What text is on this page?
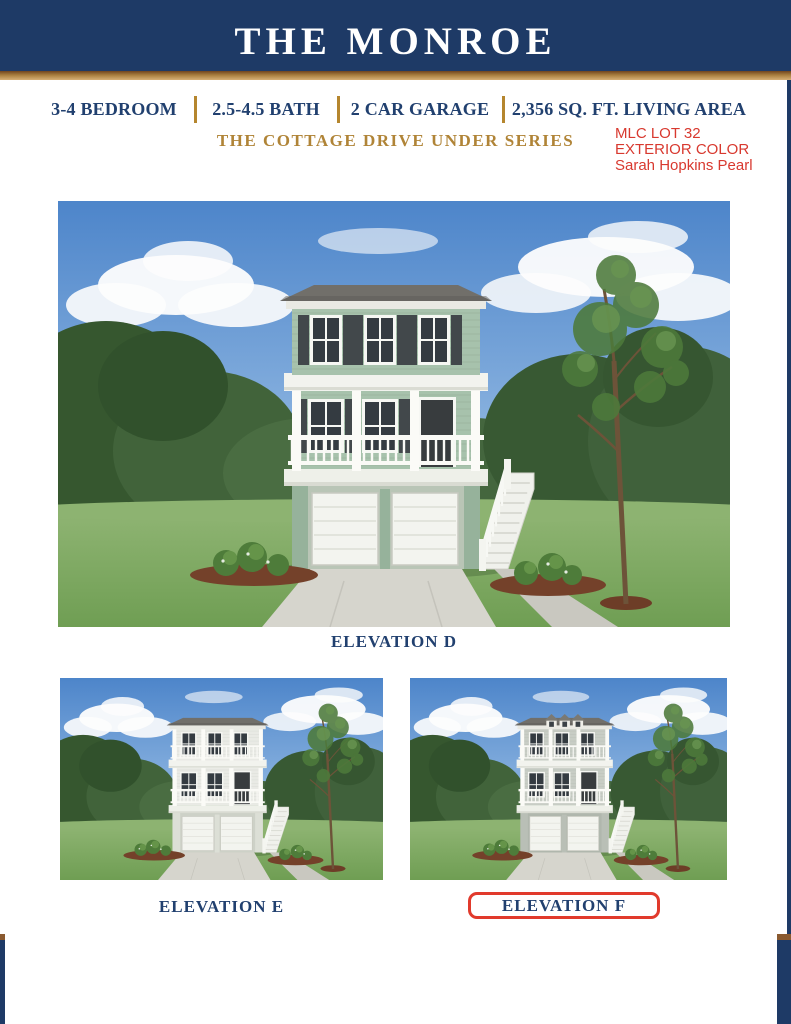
THE MONROE
3-4 BEDROOM 2.5-4.5 BATH 2 CAR GARAGE 2,356 SQ. FT. LIVING AREA
THE COTTAGE DRIVE UNDER SERIES	MLC LOT 32
EXTERIOR COLOR
Sarah Hopkins Pearl
ELEVATION D
ELEVATION E	ELEVATION F
